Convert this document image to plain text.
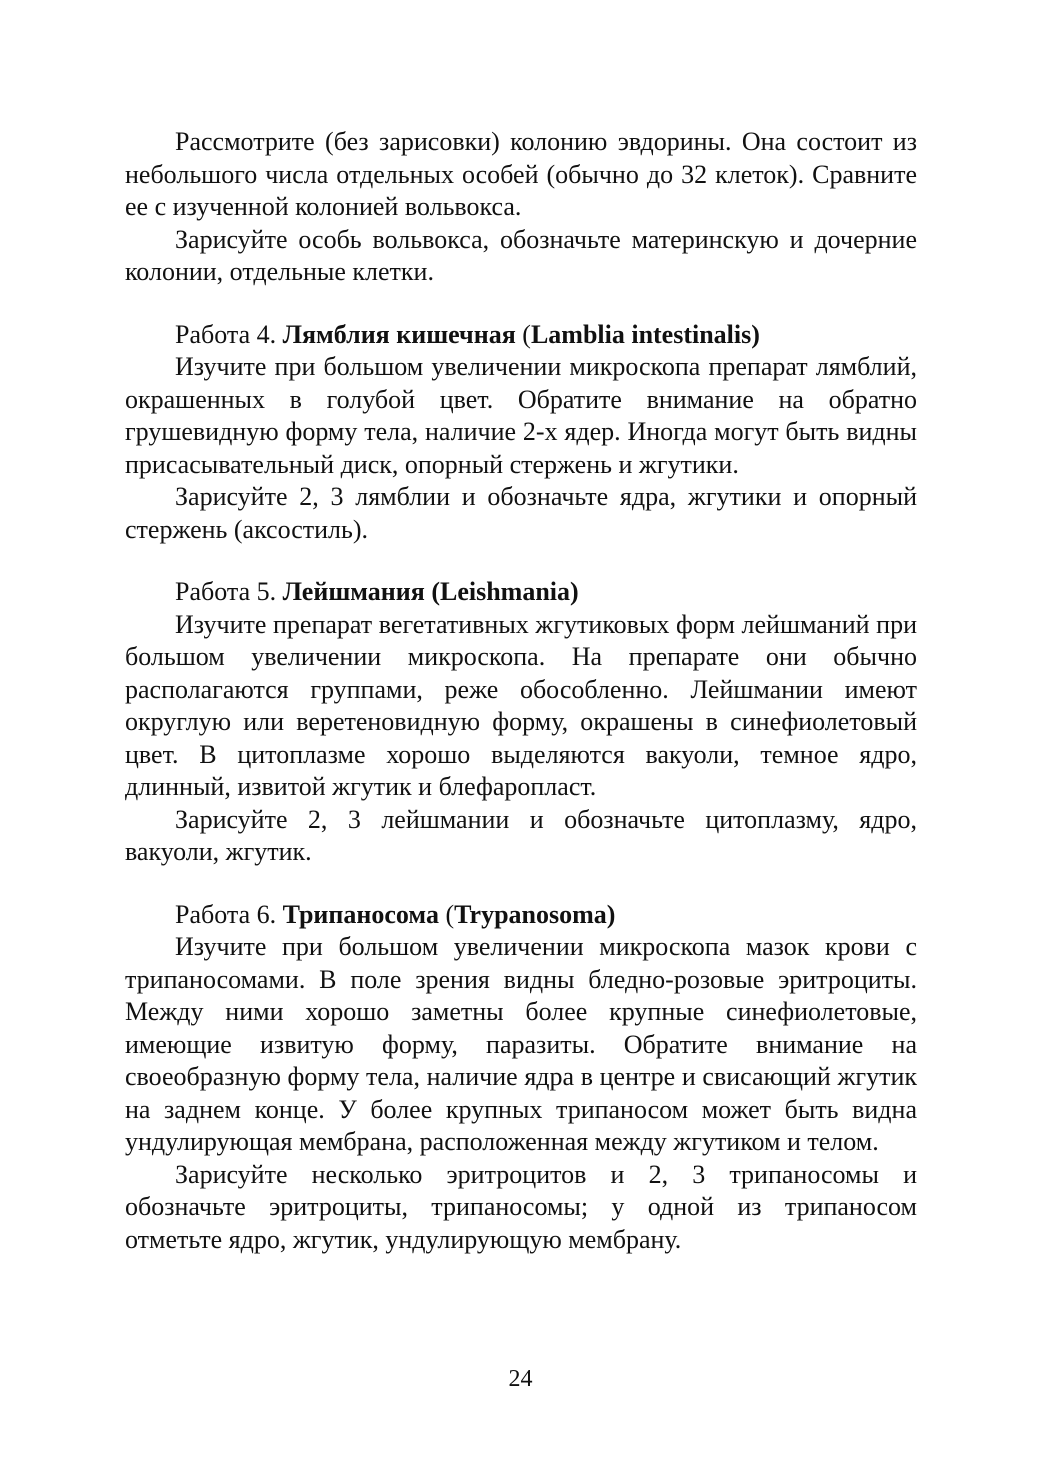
Рассмотрите (без зарисовки) колонию эвдорины. Она состоит из небольшого числа отдельных особей (обычно до 32 клеток). Сравните ее с изученной колонией вольвокса.

Зарисуйте особь вольвокса, обозначьте материнскую и дочерние колонии, отдельные клетки.

Работа 4. Лямблия кишечная (Lamblia intestinalis)

Изучите при большом увеличении микроскопа препарат лямблий, окрашенных в голубой цвет. Обратите внимание на обратно грушевидную форму тела, наличие 2-х ядер. Иногда могут быть видны присасывательный диск, опорный стержень и жгутики.

Зарисуйте 2, 3 лямблии и обозначьте ядра, жгутики и опорный стержень (аксостиль).

Работа 5. Лейшмания (Leishmania)

Изучите препарат вегетативных жгутиковых форм лейшманий при большом увеличении микроскопа. На препарате они обычно располагаются группами, реже обособленно. Лейшмании имеют округлую или веретеновидную форму, окрашены в синефиолетовый цвет. В цитоплазме хорошо выделяются вакуоли, темное ядро, длинный, извитой жгутик и блефаропласт.

Зарисуйте 2, 3 лейшмании и обозначьте цитоплазму, ядро, вакуоли, жгутик.

Работа 6. Трипаносома (Trypanosoma)

Изучите при большом увеличении микроскопа мазок крови с трипаносомами. В поле зрения видны бледно-розовые эритроциты. Между ними хорошо заметны более крупные синефиолетовые, имеющие извитую форму, паразиты. Обратите внимание на своеобразную форму тела, наличие ядра в центре и свисающий жгутик на заднем конце. У более крупных трипаносом может быть видна ундулирующая мембрана, расположенная между жгутиком и телом.

Зарисуйте несколько эритроцитов и 2, 3 трипаносомы и обозначьте эритроциты, трипаносомы; у одной из трипаносом отметьте ядро, жгутик, ундулирующую мембрану.

24
